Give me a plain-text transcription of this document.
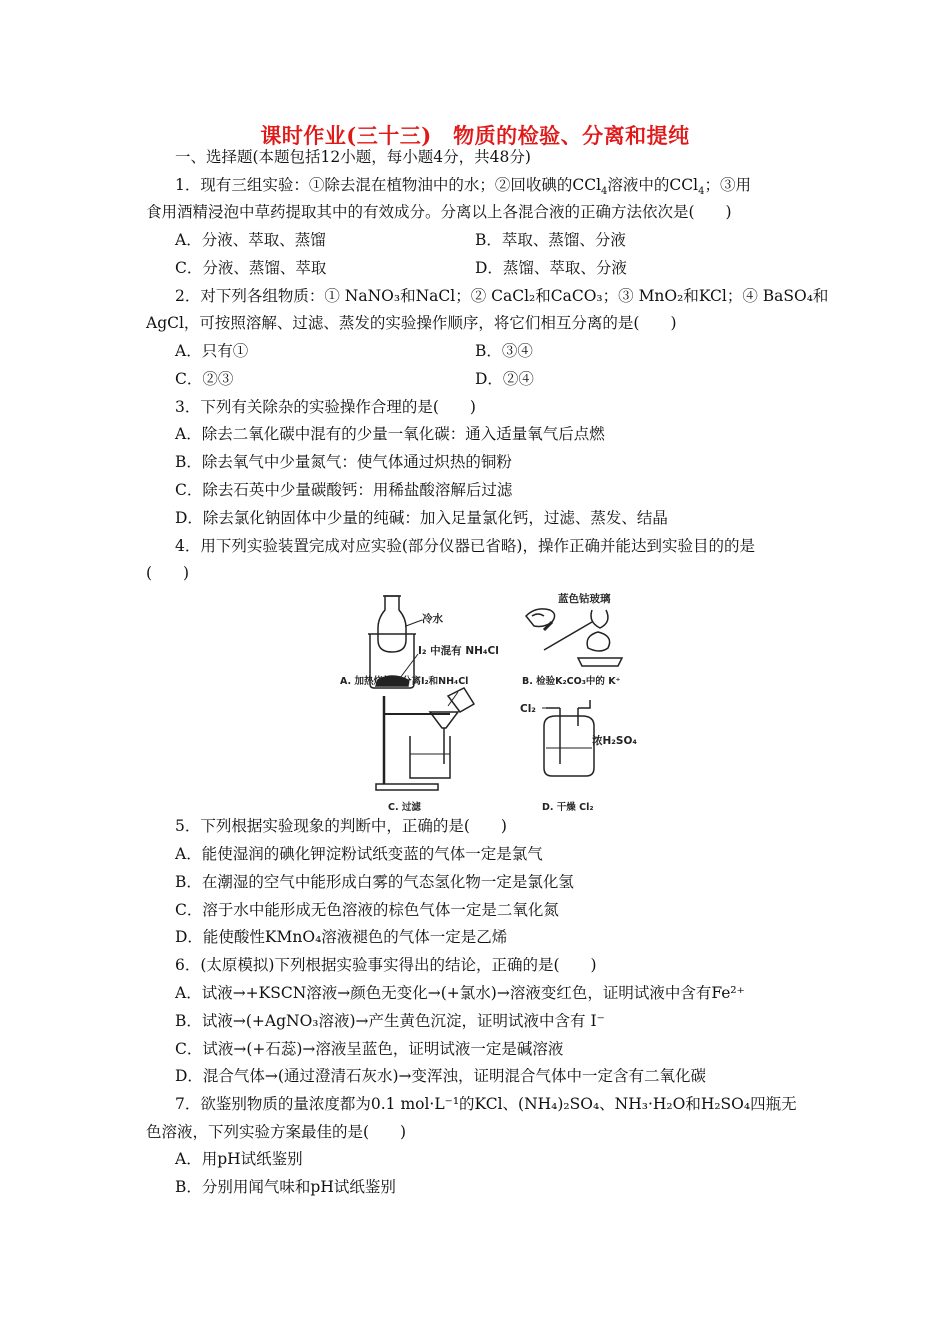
课时作业(三十三)　物质的检验、分离和提纯
一、选择题(本题包括12小题，每小题4分，共48分)
1．现有三组实验：①除去混在植物油中的水；②回收碘的CCl$_4$溶液中的CCl$_4$；③用
食用酒精浸泡中草药提取其中的有效成分。分离以上各混合液的正确方法依次是(　　)
A．分液、萃取、蒸馏	B．萃取、蒸馏、分液
C．分液、蒸馏、萃取	D．蒸馏、萃取、分液
2．对下列各组物质：① NaNO₃和NaCl；② CaCl₂和CaCO₃；③ MnO₂和KCl；④ BaSO₄和
AgCl，可按照溶解、过滤、蒸发的实验操作顺序，将它们相互分离的是(　　)
A．只有①	B．③④
C．②③	D．②④
3．下列有关除杂的实验操作合理的是(　　)
A．除去二氧化碳中混有的少量一氧化碳：通入适量氧气后点燃
B．除去氧气中少量氮气：使气体通过炽热的铜粉
C．除去石英中少量碳酸钙：用稀盐酸溶解后过滤
D．除去氯化钠固体中少量的纯碱：加入足量氯化钙，过滤、蒸发、结晶
4．用下列实验装置完成对应实验(部分仪器已省略)，操作正确并能达到实验目的的是
(　　)
冷水
I₂ 中混有 NH₄Cl
A. 加热烧杯，分离I₂和NH₄Cl
蓝色钴玻璃
B. 检验K₂CO₃中的 K⁺
C. 过滤
Cl₂
浓H₂SO₄
D. 干燥 Cl₂
5．下列根据实验现象的判断中，正确的是(　　)
A．能使湿润的碘化钾淀粉试纸变蓝的气体一定是氯气
B．在潮湿的空气中能形成白雾的气态氢化物一定是氯化氢
C．溶于水中能形成无色溶液的棕色气体一定是二氧化氮
D．能使酸性KMnO₄溶液褪色的气体一定是乙烯
6．(太原模拟)下列根据实验事实得出的结论，正确的是(　　)
A．试液→+KSCN溶液→颜色无变化→(+氯水)→溶液变红色，证明试液中含有Fe²⁺
B．试液→(+AgNO₃溶液)→产生黄色沉淀，证明试液中含有 I⁻
C．试液→(+石蕊)→溶液呈蓝色，证明试液一定是碱溶液
D．混合气体→(通过澄清石灰水)→变浑浊，证明混合气体中一定含有二氧化碳
7．欲鉴别物质的量浓度都为0.1 mol·L⁻¹的KCl、(NH₄)₂SO₄、NH₃·H₂O和H₂SO₄四瓶无
色溶液，下列实验方案最佳的是(　　)
A．用pH试纸鉴别
B．分别用闻气味和pH试纸鉴别
